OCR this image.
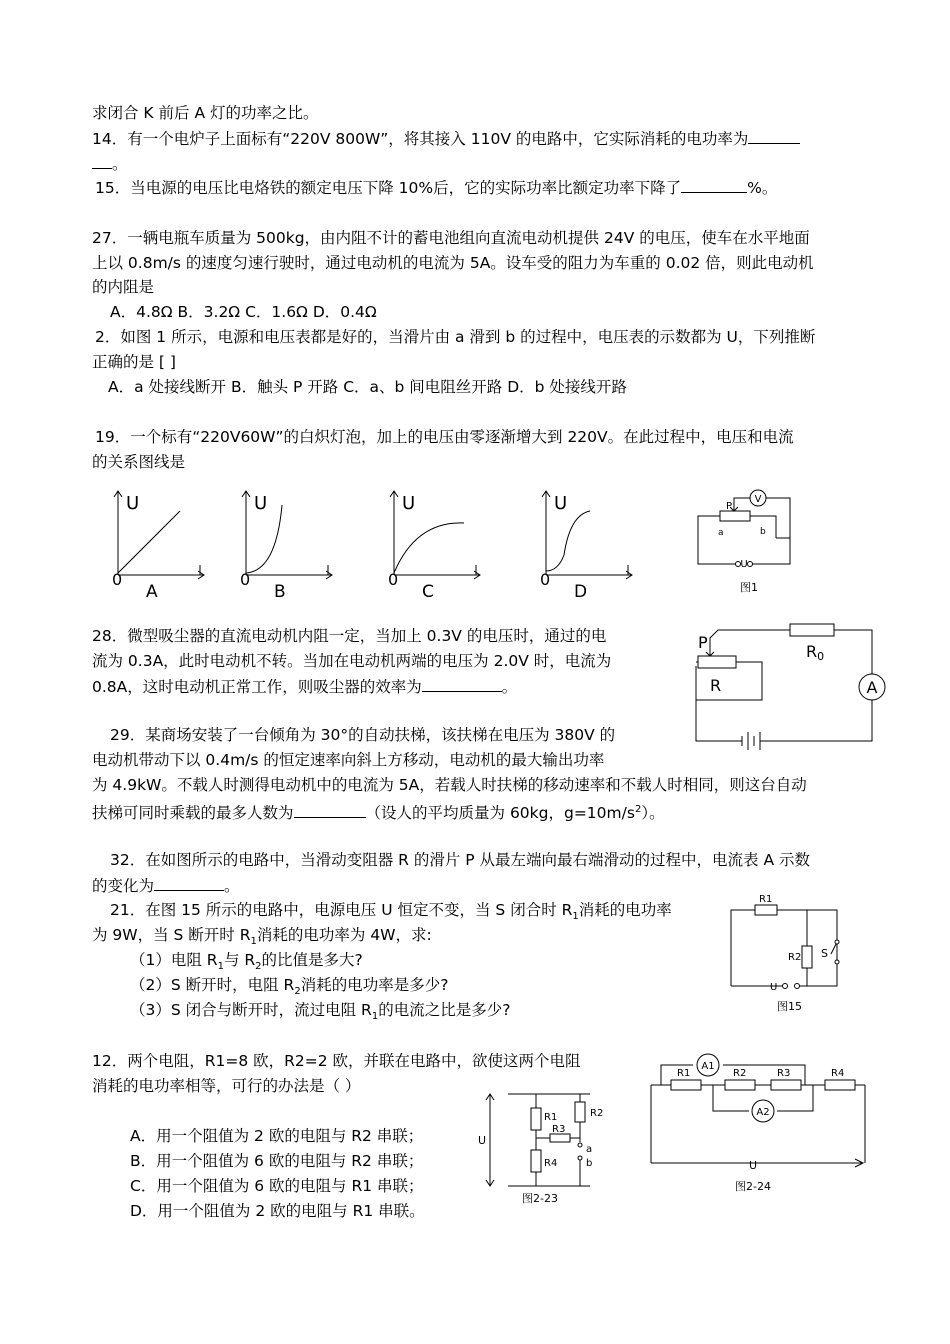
求闭合 K 前后 A 灯的功率之比。
14．有一个电炉子上面标有“220V 800W”，将其接入 110V 的电路中，它实际消耗的电功率为
。
15．当电源的电压比电烙铁的额定电压下降 10%后，它的实际功率比额定功率下降了	%。
27．一辆电瓶车质量为 500kg，由内阻不计的蓄电池组向直流电动机提供 24V 的电压，使车在水平地面
上以 0.8m/s 的速度匀速行驶时，通过电动机的电流为 5A。设车受的阻力为车重的 0.02 倍，则此电动机
的内阻是
A．4.8Ω B．3.2Ω C．1.6Ω D．0.4Ω
2．如图 1 所示，电源和电压表都是好的，当滑片由 a 滑到 b 的过程中，电压表的示数都为 U，下列推断
正确的是 [ ]
A．a 处接线断开 B．触头 P 开路 C．a、b 间电阻丝开路 D．b 处接线开路
19．一个标有“220V60W”的白炽灯泡，加上的电压由零逐渐增大到 220V。在此过程中，电压和电流
的关系图线是
U
0
A
U
0
B
U
0
C
U
0
D
V
P
a	b
U
图1
28．微型吸尘器的直流电动机内阻一定，当加上 0.3V 的电压时，通过的电
流为 0.3A，此时电动机不转。当加在电动机两端的电压为 2.0V 时，电流为
0.8A，这时电动机正常工作，则吸尘器的效率为	。	A
P
R
R0
29．某商场安装了一台倾角为 30°的自动扶梯，该扶梯在电压为 380V 的
电动机带动下以 0.4m/s 的恒定速率向斜上方移动，电动机的最大输出功率
为 4.9kW。不载人时测得电动机中的电流为 5A，若载人时扶梯的移动速率和不载人时相同，则这台自动
扶梯可同时乘载的最多人数为	（设人的平均质量为 60kg，$g=10m/s^2$）。
32．在如图所示的电路中，当滑动变阻器 R 的滑片 P 从最左端向最右端滑动的过程中，电流表 A 示数
的变化为	。
21．在图 15 所示的电路中，电源电压 U 恒定不变，当 S 闭合时 $R_1$消耗的电功率
为 9W，当 S 断开时 $R_1$消耗的电功率为 4W，求:
（1）电阻 $R_1$与 $R_2$的比值是多大?
（2）S 断开时，电阻 $R_2$消耗的电功率是多少?
（3）S 闭合与断开时，流过电阻 $R_1$的电流之比是多少?
R1
R2 S
U
图15
12．两个电阻，R1=8 欧，R2=2 欧，并联在电路中，欲使这两个电阻
消耗的电功率相等，可行的办法是（ ）
A．用一个阻值为 2 欧的电阻与 R2 串联；
B．用一个阻值为 6 欧的电阻与 R2 串联；
C．用一个阻值为 6 欧的电阻与 R1 串联；
D．用一个阻值为 2 欧的电阻与 R1 串联。
U
R1	R2
R3
R4
a
b
图2-23
A1
A2
R1	R2	R3	R4
U
图2-24
